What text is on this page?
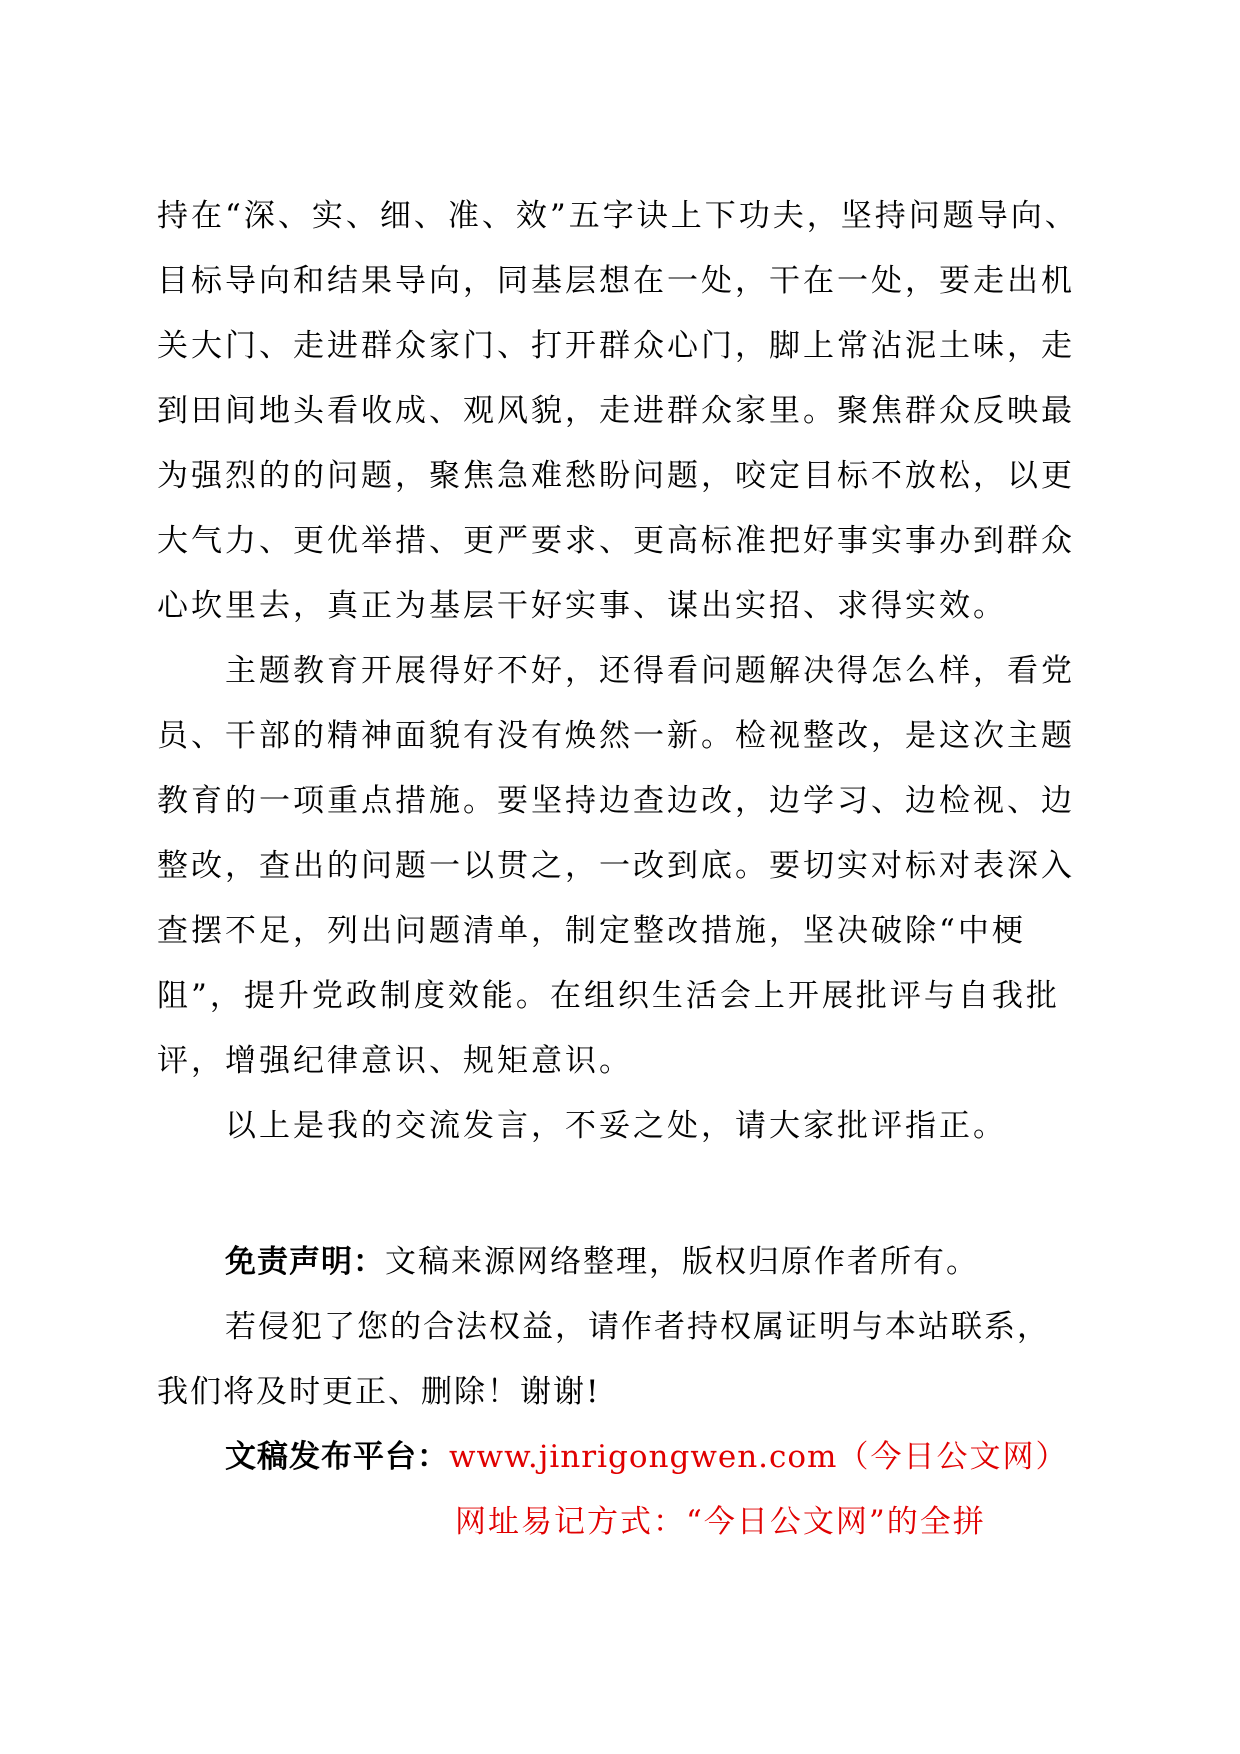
持在“深、实、细、准、效”五字诀上下功夫，坚持问题导向、
目标导向和结果导向，同基层想在一处，干在一处，要走出机
关大门、走进群众家门、打开群众心门，脚上常沾泥土味，走
到田间地头看收成、观风貌，走进群众家里。聚焦群众反映最
为强烈的的问题，聚焦急难愁盼问题，咬定目标不放松，以更
大气力、更优举措、更严要求、更高标准把好事实事办到群众
心坎里去，真正为基层干好实事、谋出实招、求得实效。
主题教育开展得好不好，还得看问题解决得怎么样，看党
员、干部的精神面貌有没有焕然一新。检视整改，是这次主题
教育的一项重点措施。要坚持边查边改，边学习、边检视、边
整改，查出的问题一以贯之，一改到底。要切实对标对表深入
查摆不足，列出问题清单，制定整改措施，坚决破除“中梗
阻”，提升党政制度效能。在组织生活会上开展批评与自我批
评，增强纪律意识、规矩意识。
以上是我的交流发言，不妥之处，请大家批评指正。
免责声明：文稿来源网络整理，版权归原作者所有。
若侵犯了您的合法权益，请作者持权属证明与本站联系，
我们将及时更正、删除！谢谢!
文稿发布平台：www.jinrigongwen.com（今日公文网）
网址易记方式：“今日公文网”的全拼
